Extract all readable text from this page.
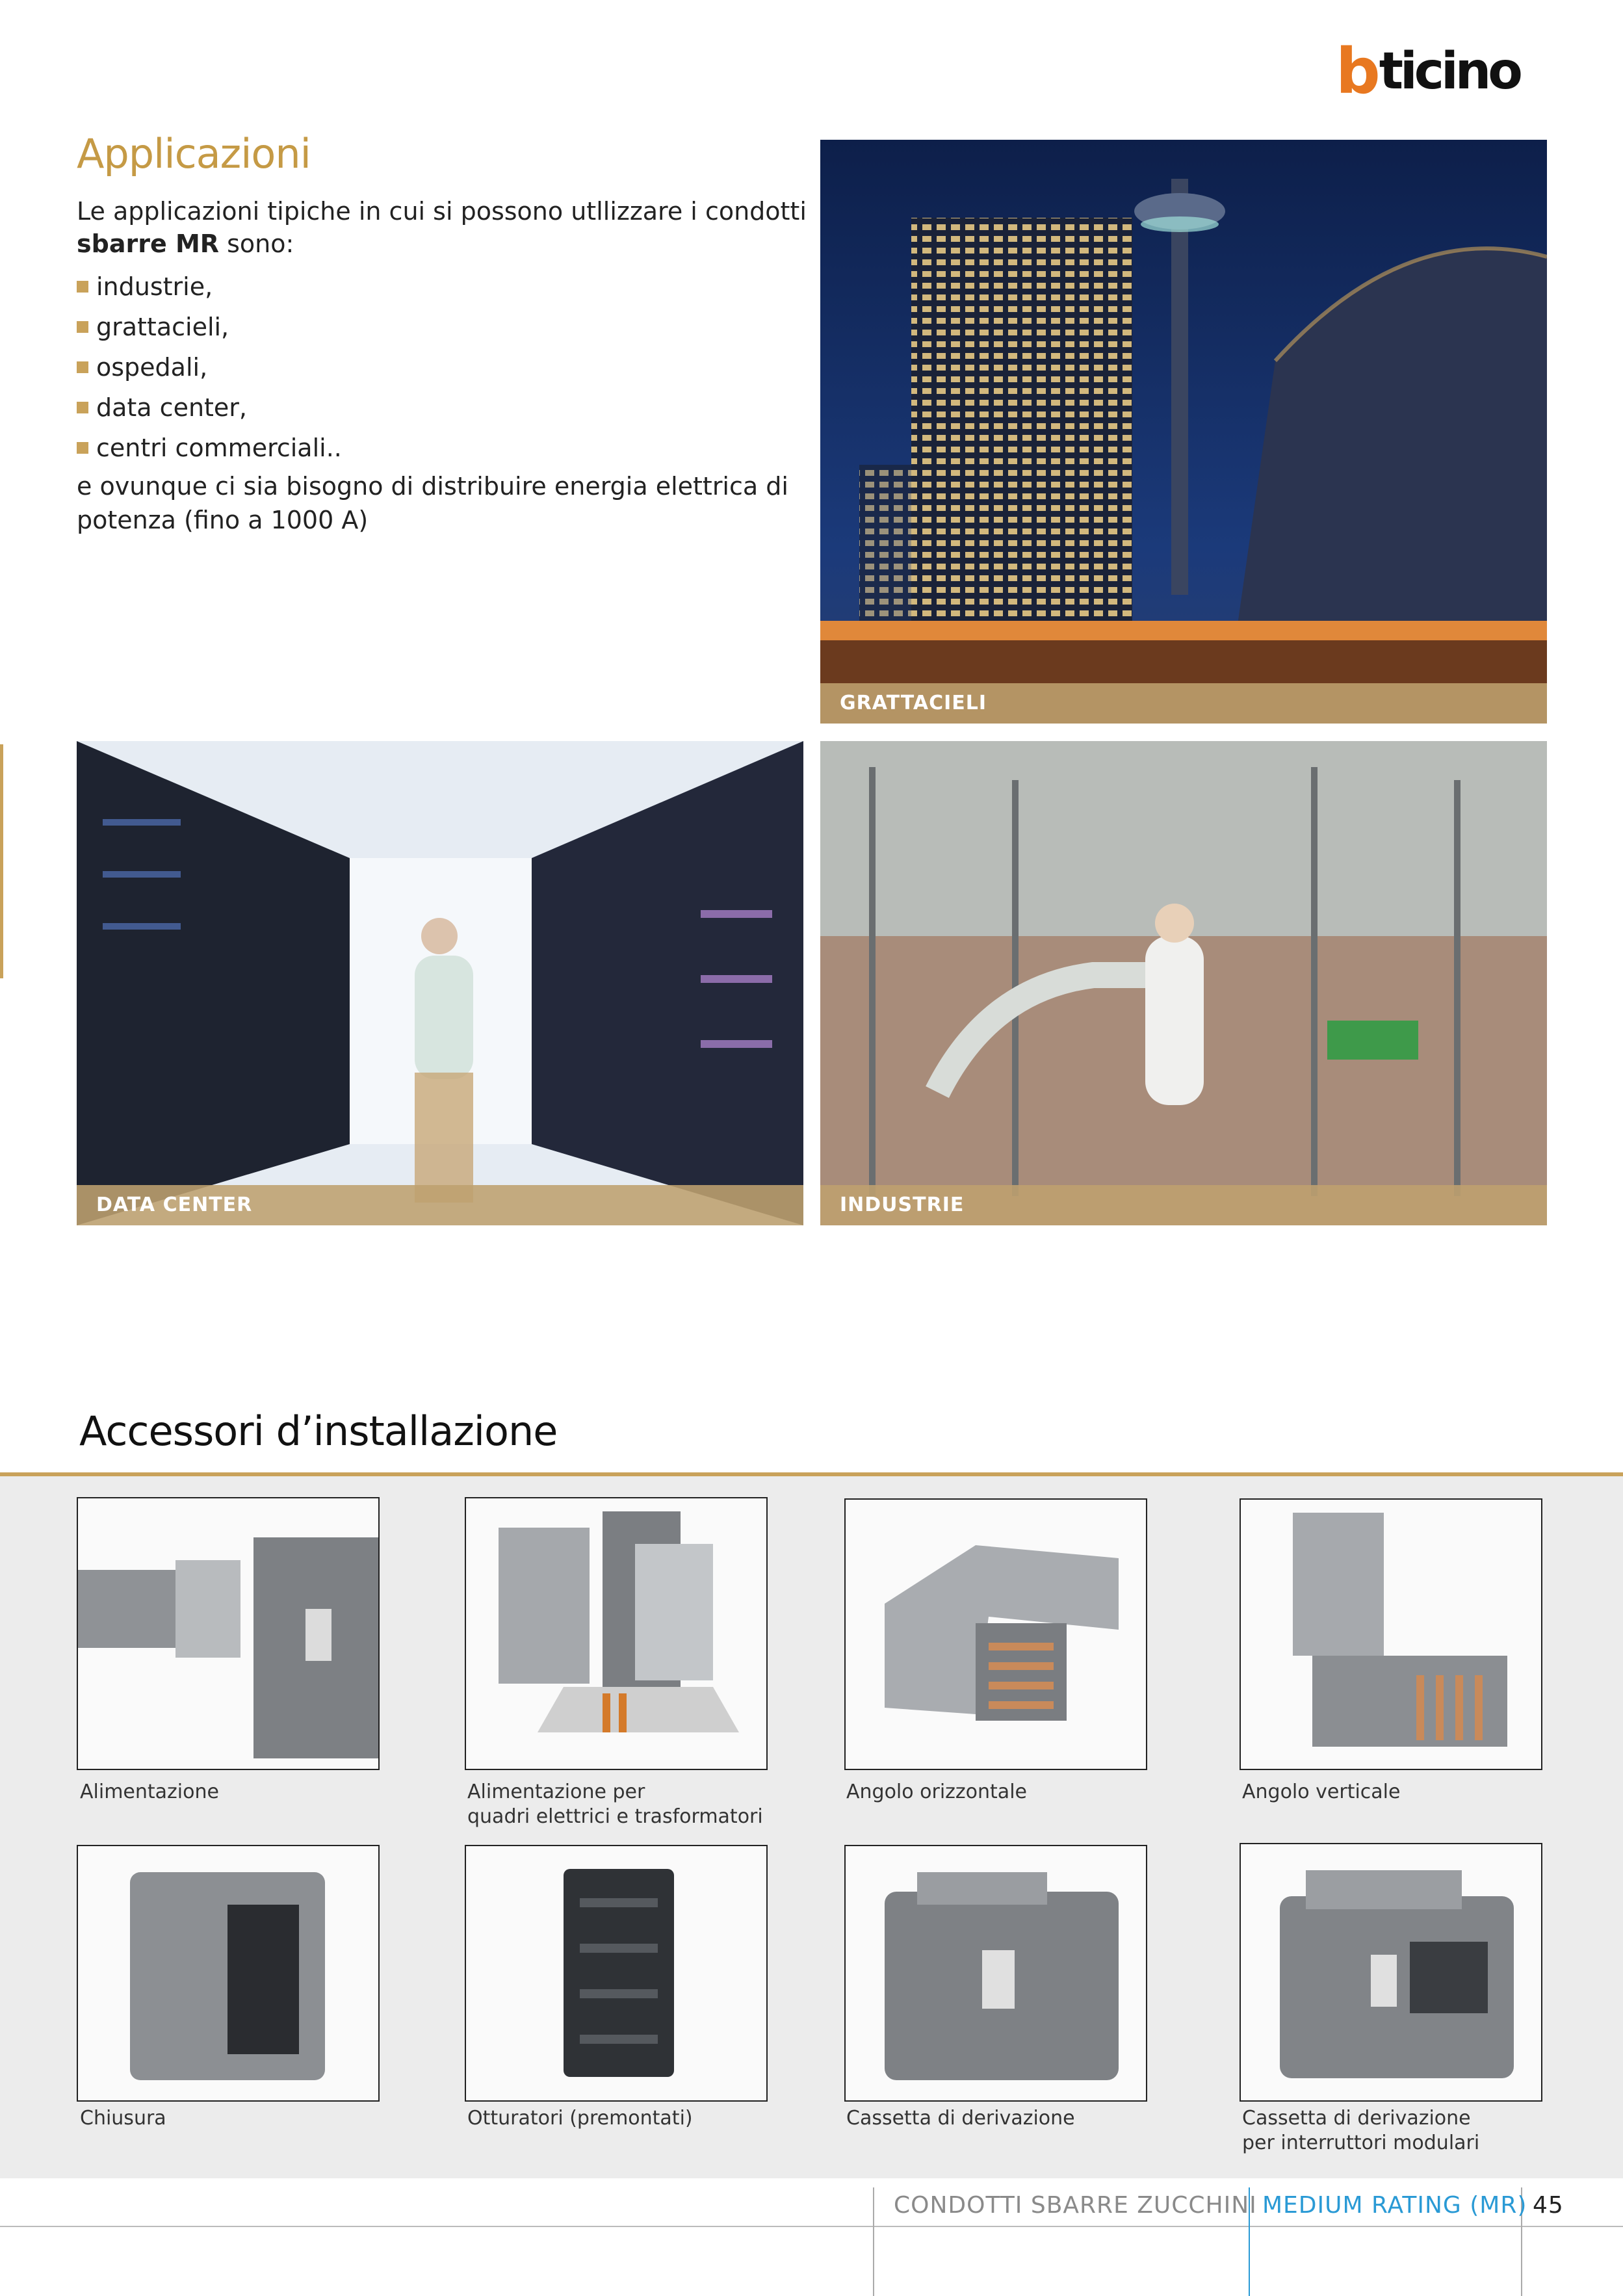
b ticino
Applicazioni
Le applicazioni tipiche in cui si possono utllizzare i condotti sbarre MR sono:
industrie,
grattacieli,
ospedali,
data center,
centri commerciali..
e ovunque ci sia bisogno di distribuire energia elettrica di potenza (fino a 1000 A)
GRATTACIELI
DATA CENTER	INDUSTRIE
Accessori d’installazione
Alimentazione	Alimentazione per
quadri elettrici e trasformatori
Angolo orizzontale	Angolo verticale
Chiusura	Otturatori (premontati)	Cassetta di derivazione	Cassetta di derivazione
per interruttori modulari
CONDOTTI SBARRE ZUCCHINI MEDIUM RATING (MR) 45
